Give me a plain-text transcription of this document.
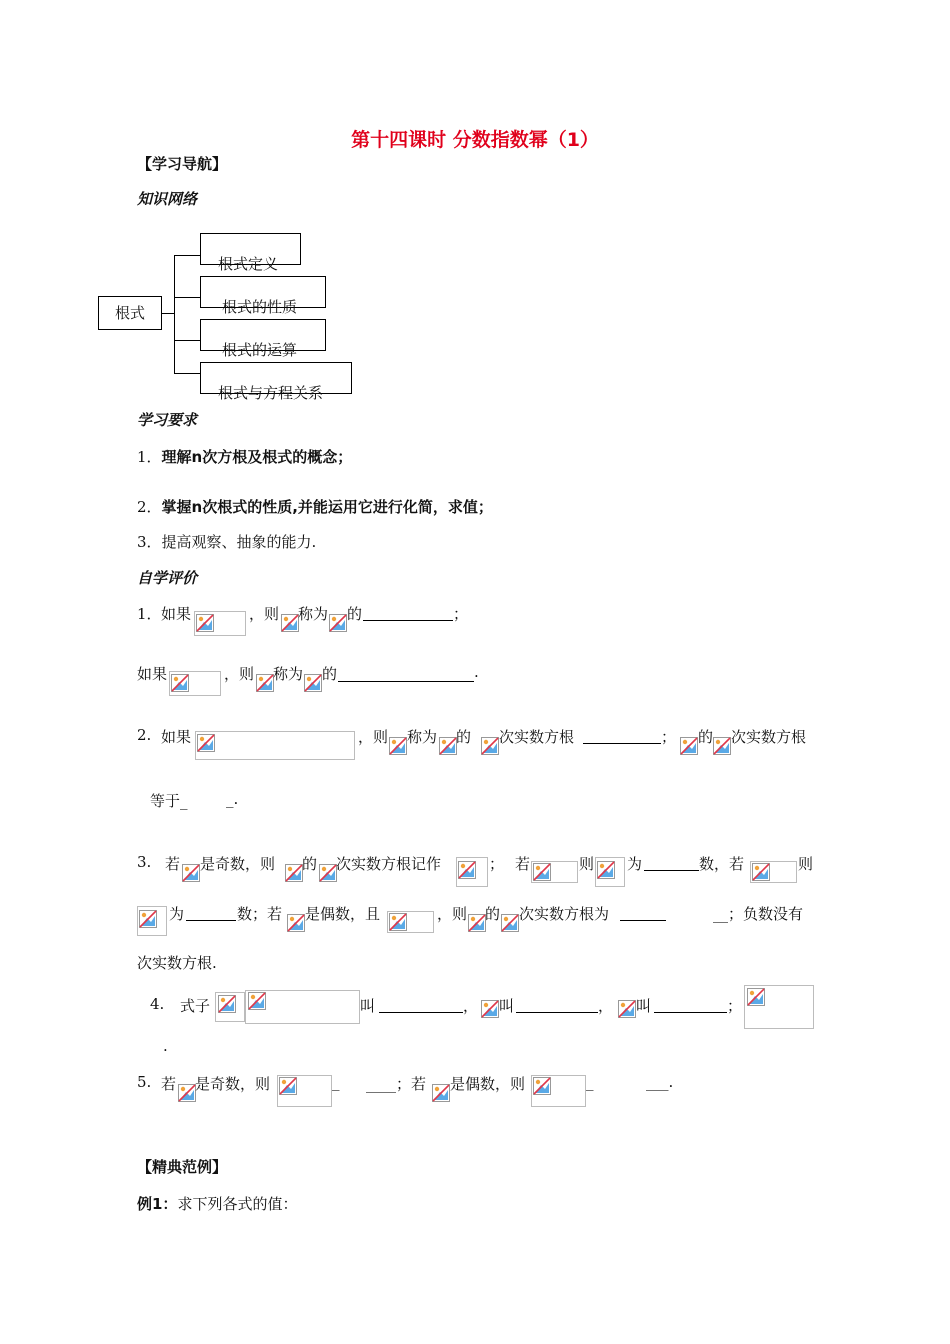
第十四课时 分数指数幂（1）
【学习导航】
知识网络
根式
根式定义
根式的性质
根式的运算
根式与方程关系
学习要求
1．理解n次方根及根式的概念；
2．掌握n次根式的性质,并能运用它进行化简，求值；
3．提高观察、抽象的能力.
自学评价
1． 如果	，则 称为 的	；
如果	，则 称为 的	.
2. 如果	，则 称为 的 次实数方根	； 的 次实数方根
等于_	_.
3. 若 是奇数，则 的 次实数方根记作	； 若	则 为	数，若	则
为	数；若 是偶数，且	，则 的 次实数方根为	__；负数没有
次实数方根.
4. 式子	叫	， 叫	， 叫	；
.
5. 若 是奇数，则	_ ____；若 是偶数，则	_	___.
【精典范例】
例1：求下列各式的值：
